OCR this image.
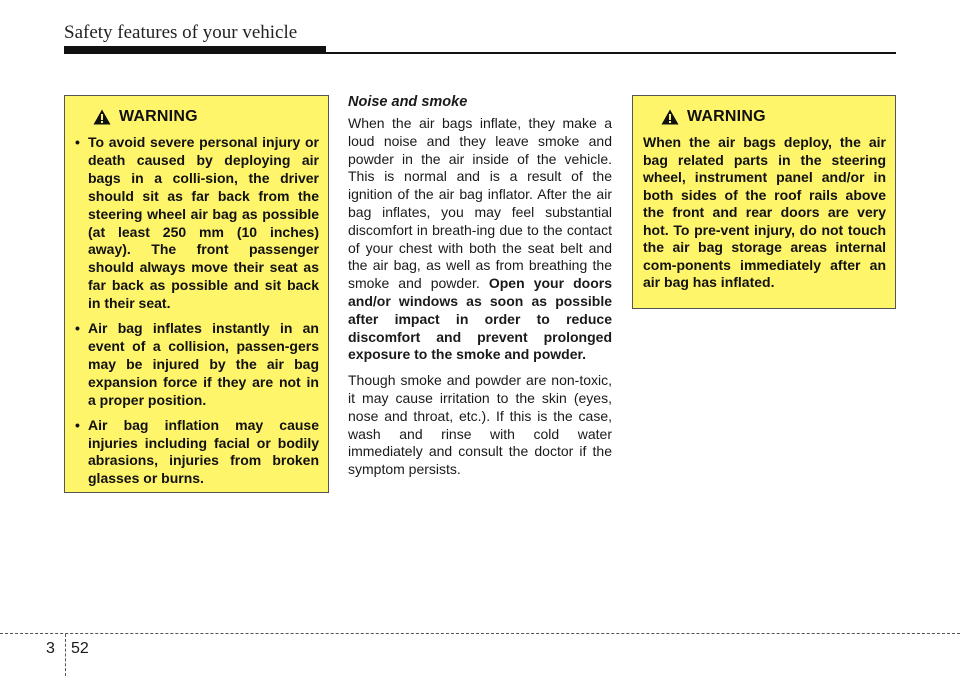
Safety features of your vehicle
WARNING
• To avoid severe personal injury or death caused by deploying air bags in a colli-sion, the driver should sit as far back from the steering wheel air bag as possible (at least 250 mm (10 inches) away). The front passenger should always move their seat as far back as possible and sit back in their seat.
• Air bag inflates instantly in an event of a collision, passen-gers may be injured by the air bag expansion force if they are not in a proper position.
• Air bag inflation may cause injuries including facial or bodily abrasions, injuries from broken glasses or burns.
Noise and smoke

When the air bags inflate, they make a loud noise and they leave smoke and powder in the air inside of the vehicle. This is normal and is a result of the ignition of the air bag inflator. After the air bag inflates, you may feel substantial discomfort in breath-ing due to the contact of your chest with both the seat belt and the air bag, as well as from breathing the smoke and powder. Open your doors and/or windows as soon as possible after impact in order to reduce discomfort and prevent prolonged exposure to the smoke and powder.

Though smoke and powder are non-toxic, it may cause irritation to the skin (eyes, nose and throat, etc.). If this is the case, wash and rinse with cold water immediately and consult the doctor if the symptom persists.

WARNING

When the air bags deploy, the air bag related parts in the steering wheel, instrument panel and/or in both sides of the roof rails above the front and rear doors are very hot. To pre-vent injury, do not touch the air bag storage areas internal com-ponents immediately after an air bag has inflated.

3 52
